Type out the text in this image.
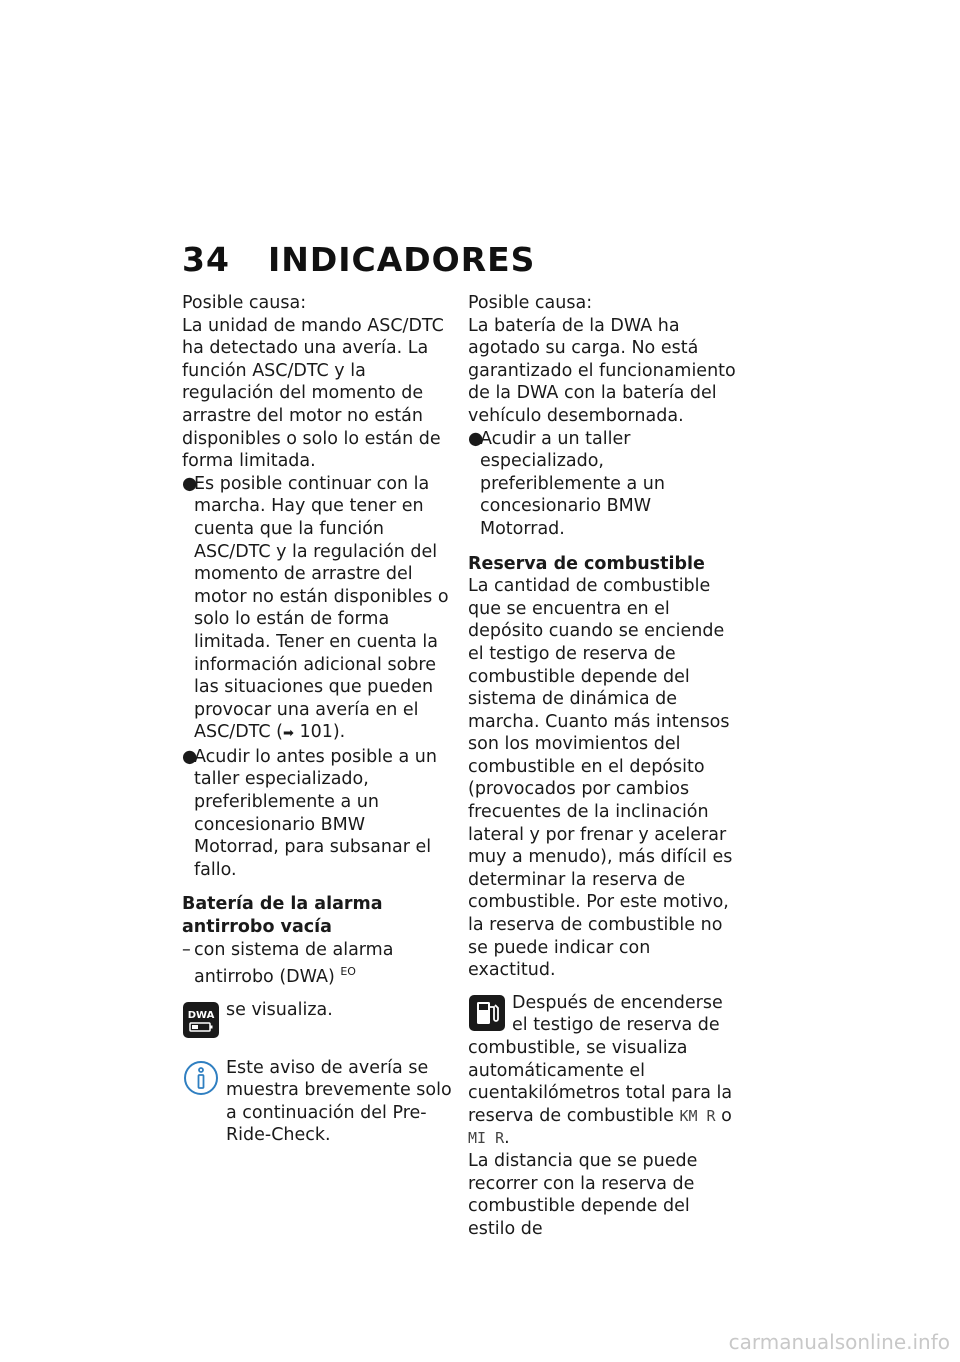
34 INDICADORES

Posible causa:

La unidad de mando ASC/DTC ha detectado una avería. La función ASC/DTC y la regulación del momento de arrastre del motor no están disponibles o solo lo están de forma limitada.

●
Es posible continuar con la marcha. Hay que tener en cuenta que la función ASC/DTC y la regulación del momento de arrastre del motor no están disponibles o solo lo están de forma limitada. Tener en cuenta la información adicional sobre las situaciones que pueden provocar una avería en el ASC/DTC (➡ 101).
●
Acudir lo antes posible a un taller especializado, preferiblemente a un concesionario BMW Motorrad, para subsanar el fallo.
Batería de la alarma antirrobo vacía
– con sistema de alarma antirrobo (DWA) $^{EO}$
DWA se visualiza.
Este aviso de avería se muestra brevemente solo a continuación del Pre-Ride-Check.

Posible causa:

La batería de la DWA ha agotado su carga. No está garantizado el funcionamiento de la DWA con la batería del vehículo desembornada.

●
Acudir a un taller especializado, preferiblemente a un concesionario BMW Motorrad.
Reserva de combustible

La cantidad de combustible que se encuentra en el depósito cuando se enciende el testigo de reserva de combustible depende del sistema de dinámica de marcha. Cuanto más intensos son los movimientos del combustible en el depósito (provocados por cambios frecuentes de la inclinación lateral y por frenar y acelerar muy a menudo), más difícil es determinar la reserva de combustible. Por este motivo, la reserva de combustible no se puede indicar con exactitud.

Después de encenderse el testigo de reserva de combustible, se visualiza automáticamente el cuentakilómetros total para la reserva de combustible KM R o MI R.

La distancia que se puede recorrer con la reserva de combustible depende del estilo de

carmanualsonline.info
